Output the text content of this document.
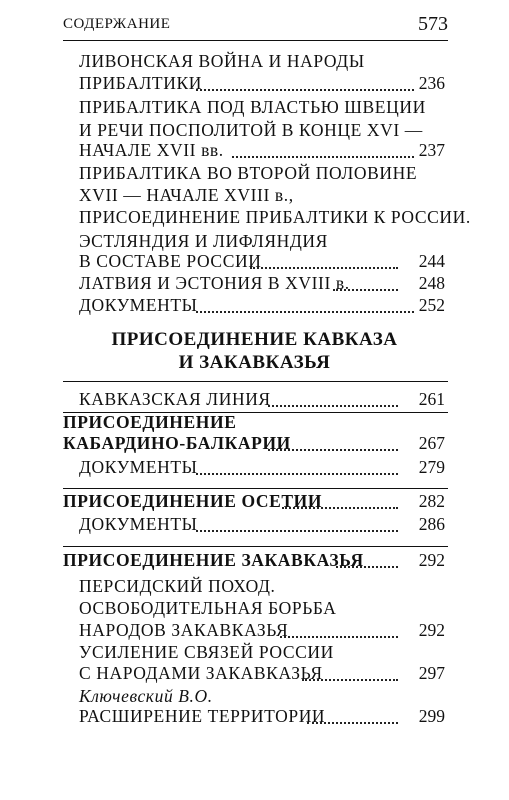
СОДЕРЖАНИЕ	573
ЛИВОНСКАЯ ВОЙНА И НАРОДЫ
ПРИБАЛТИКИ	236
ПРИБАЛТИКА ПОД ВЛАСТЬЮ ШВЕЦИИ
И РЕЧИ ПОСПОЛИТОЙ В КОНЦЕ XVI —
НАЧАЛЕ XVII вв.	237
ПРИБАЛТИКА ВО ВТОРОЙ ПОЛОВИНЕ
XVII — НАЧАЛЕ XVIII в.,
ПРИСОЕДИНЕНИЕ ПРИБАЛТИКИ К РОССИИ.
ЭСТЛЯНДИЯ И ЛИФЛЯНДИЯ
В СОСТАВЕ РОССИИ	244
ЛАТВИЯ И ЭСТОНИЯ В XVIII в.	248
ДОКУМЕНТЫ	252
ПРИСОЕДИНЕНИЕ КАВКАЗА
И ЗАКАВКАЗЬЯ
КАВКАЗСКАЯ ЛИНИЯ	261
ПРИСОЕДИНЕНИЕ
КАБАРДИНО-БАЛКАРИИ	267
ДОКУМЕНТЫ	279
ПРИСОЕДИНЕНИЕ ОСЕТИИ	282
ДОКУМЕНТЫ	286
ПРИСОЕДИНЕНИЕ ЗАКАВКАЗЬЯ	292
ПЕРСИДСКИЙ ПОХОД.
ОСВОБОДИТЕЛЬНАЯ БОРЬБА
НАРОДОВ ЗАКАВКАЗЬЯ	292
УСИЛЕНИЕ СВЯЗЕЙ РОССИИ
С НАРОДАМИ ЗАКАВКАЗЬЯ	297
Ключевский В.О.
РАСШИРЕНИЕ ТЕРРИТОРИИ	299
